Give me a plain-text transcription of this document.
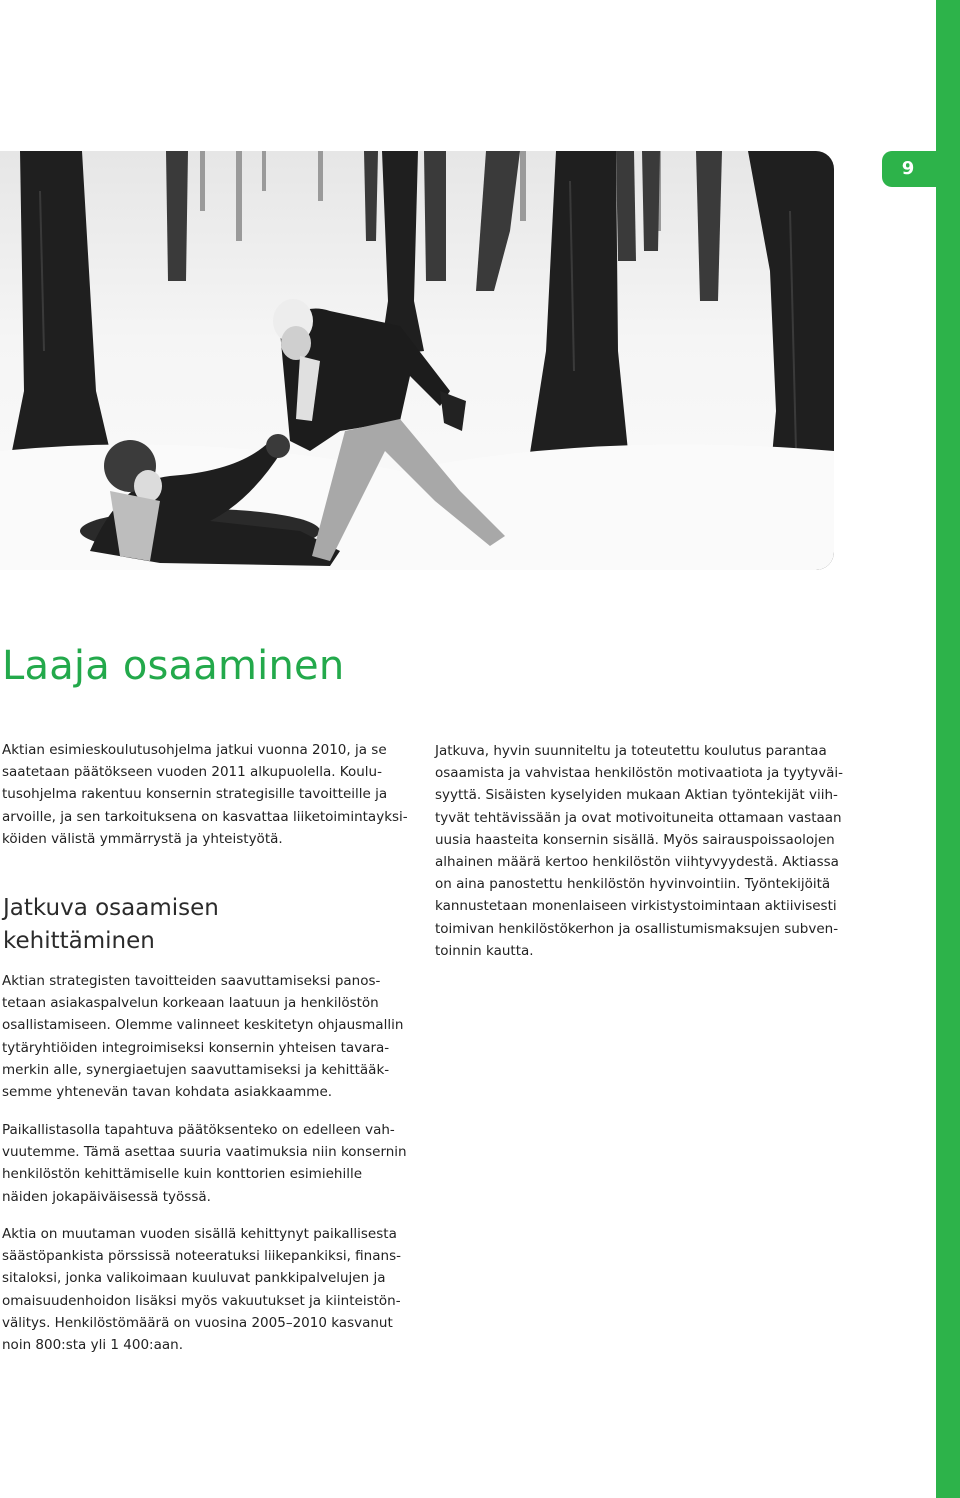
9
Laaja osaaminen

Aktian esimieskoulutusohjelma jatkui vuonna 2010, ja se
saatetaan päätökseen vuoden 2011 alkupuolella. Koulu-
tusohjelma rakentuu konsernin strategisille tavoitteille ja
arvoille, ja sen tarkoituksena on kasvattaa liiketoimintayksi-
köiden välistä ymmärrystä ja yhteistyötä.

Jatkuva osaamisen
kehittäminen

Aktian strategisten tavoitteiden saavuttamiseksi panos-
tetaan asiakaspalvelun korkeaan laatuun ja henkilöstön
osallistamiseen. Olemme valinneet keskitetyn ohjausmallin
tytäryhtiöiden integroimiseksi konsernin yhteisen tavara-
merkin alle, synergiaetujen saavuttamiseksi ja kehittääk-
semme yhtenevän tavan kohdata asiakkaamme.

Paikallistasolla tapahtuva päätöksenteko on edelleen vah-
vuutemme. Tämä asettaa suuria vaatimuksia niin konsernin
henkilöstön kehittämiselle kuin konttorien esimiehille
näiden jokapäiväisessä työssä.

Aktia on muutaman vuoden sisällä kehittynyt paikallisesta
säästöpankista pörssissä noteeratuksi liikepankiksi, finans-
sitaloksi, jonka valikoimaan kuuluvat pankkipalvelujen ja
omaisuudenhoidon lisäksi myös vakuutukset ja kiinteistön-
välitys. Henkilöstömäärä on vuosina 2005–2010 kasvanut
noin 800:sta yli 1 400:aan.

Jatkuva, hyvin suunniteltu ja toteutettu koulutus parantaa
osaamista ja vahvistaa henkilöstön motivaatiota ja tyytyväi-
syyttä. Sisäisten kyselyiden mukaan Aktian työntekijät viih-
tyvät tehtävissään ja ovat motivoituneita ottamaan vastaan
uusia haasteita konsernin sisällä. Myös sairauspoissaolojen
alhainen määrä kertoo henkilöstön viihtyvyydestä. Aktiassa
on aina panostettu henkilöstön hyvinvointiin. Työntekijöitä
kannustetaan monenlaiseen virkistystoimintaan aktiivisesti
toimivan henkilöstökerhon ja osallistumismaksujen subven-
toinnin kautta.
